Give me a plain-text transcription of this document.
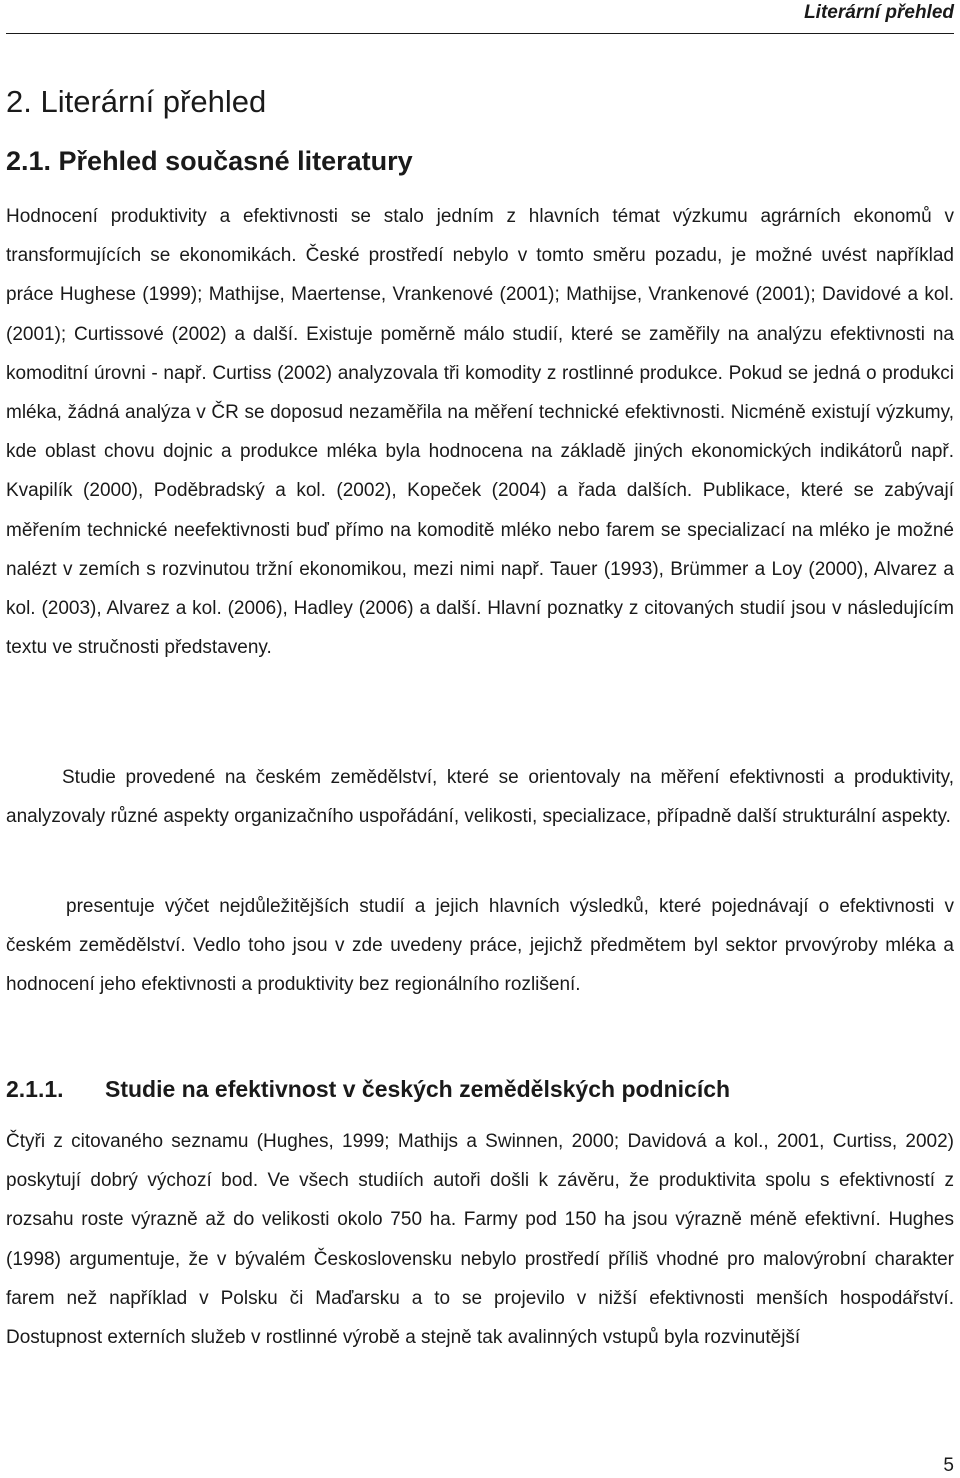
Literární přehled
2. Literární přehled
2.1. Přehled současné literatury

Hodnocení produktivity a efektivnosti se stalo jedním z hlavních témat výzkumu agrárních ekonomů v transformujících se ekonomikách. České prostředí nebylo v tomto směru pozadu, je možné uvést například práce Hughese (1999); Mathijse, Maertense, Vrankenové (2001); Mathijse, Vrankenové (2001); Davidové a kol. (2001); Curtissové (2002) a další. Existuje poměrně málo studií, které se zaměřily na analýzu efektivnosti na komoditní úrovni - např. Curtiss (2002) analyzovala tři komodity z rostlinné produkce. Pokud se jedná o produkci mléka, žádná analýza v ČR se doposud nezaměřila na měření technické efektivnosti. Nicméně existují výzkumy, kde oblast chovu dojnic a produkce mléka byla hodnocena na základě jiných ekonomických indikátorů např. Kvapilík (2000), Poděbradský a kol. (2002), Kopeček (2004) a řada dalších. Publikace, které se zabývají měřením technické neefektivnosti buď přímo na komoditě mléko nebo farem se specializací na mléko je možné nalézt v zemích s rozvinutou tržní ekonomikou, mezi nimi např. Tauer (1993), Brümmer a Loy (2000), Alvarez a kol. (2003), Alvarez a kol. (2006), Hadley (2006) a další. Hlavní poznatky z citovaných studií jsou v následujícím textu ve stručnosti představeny.

Studie provedené na českém zemědělství, které se orientovaly na měření efektivnosti a produktivity, analyzovaly různé aspekty organizačního uspořádání, velikosti, specializace, případně další strukturální aspekty.

presentuje výčet nejdůležitějších studií a jejich hlavních výsledků, které pojednávají o efektivnosti v českém zemědělství. Vedlo toho jsou v zde uvedeny práce, jejichž předmětem byl sektor prvovýroby mléka a hodnocení jeho efektivnosti a produktivity bez regionálního rozlišení.

2.1.1. Studie na efektivnost v českých zemědělských podnicích

Čtyři z citovaného seznamu (Hughes, 1999; Mathijs a Swinnen, 2000; Davidová a kol., 2001, Curtiss, 2002) poskytují dobrý výchozí bod. Ve všech studiích autoři došli k závěru, že produktivita spolu s efektivností z rozsahu roste výrazně až do velikosti okolo 750 ha. Farmy pod 150 ha jsou výrazně méně efektivní. Hughes (1998) argumentuje, že v bývalém Československu nebylo prostředí příliš vhodné pro malovýrobní charakter farem než například v Polsku či Maďarsku a to se projevilo v nižší efektivnosti menších hospodářství. Dostupnost externích služeb v rostlinné výrobě a stejně tak avalinných vstupů byla rozvinutější

5
